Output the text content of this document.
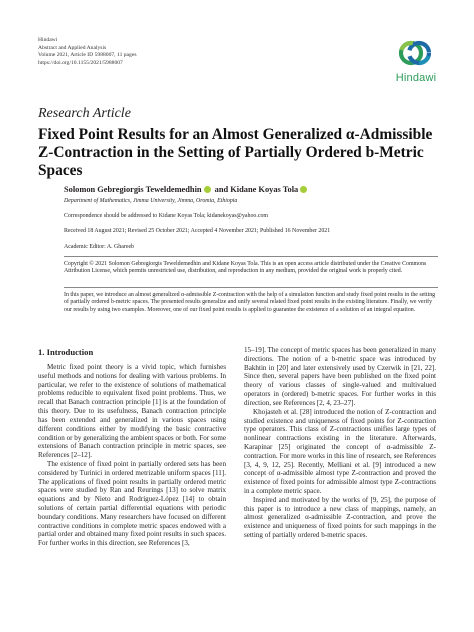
Hindawi
Abstract and Applied Analysis
Volume 2021, Article ID 5988007, 11 pages
https://doi.org/10.1155/2021/5988007
Hindawi
Research Article
Fixed Point Results for an Almost Generalized α-Admissible Z-Contraction in the Setting of Partially Ordered b-Metric Spaces
Solomon Gebregiorgis Teweldemedhin and Kidane Koyas Tola
Department of Mathematics, Jimma University, Jimma, Oromia, Ethiopia
Correspondence should be addressed to Kidane Koyas Tola; kidanekoyas@yahoo.com
Received 18 August 2021; Revised 25 October 2021; Accepted 4 November 2021; Published 16 November 2021
Academic Editor: A. Ghareeb
Copyright © 2021 Solomon Gebregiorgis Teweldemedhin and Kidane Koyas Tola. This is an open access article distributed under the Creative Commons Attribution License, which permits unrestricted use, distribution, and reproduction in any medium, provided the original work is properly cited.
In this paper, we introduce an almost generalized α-admissible Z-contraction with the help of a simulation function and study fixed point results in the setting of partially ordered b-metric spaces. The presented results generalize and unify several related fixed point results in the existing literature. Finally, we verify our results by using two examples. Moreover, one of our fixed point results is applied to guarantee the existence of a solution of an integral equation.
1. Introduction

Metric fixed point theory is a vivid topic, which furnishes useful methods and notions for dealing with various problems. In particular, we refer to the existence of solutions of mathematical problems reducible to equivalent fixed point problems. Thus, we recall that Banach contraction principle [1] is at the foundation of this theory. Due to its usefulness, Banach contraction principle has been extended and generalized in various spaces using different conditions either by modifying the basic contractive condition or by generalizing the ambient spaces or both. For some extensions of Banach contraction principle in metric spaces, see References [2–12].

The existence of fixed point in partially ordered sets has been considered by Turinici in ordered metrizable uniform spaces [11]. The applications of fixed point results in partially ordered metric spaces were studied by Ran and Reurings [13] to solve matrix equations and by Nieto and Rodríguez-López [14] to obtain solutions of certain partial differential equations with periodic boundary conditions. Many researchers have focused on different contractive conditions in complete metric spaces endowed with a partial order and obtained many fixed point results in such spaces. For further works in this direction, see References [3,

15–19]. The concept of metric spaces has been generalized in many directions. The notion of a b-metric space was introduced by Bakhtin in [20] and later extensively used by Czerwik in [21, 22]. Since then, several papers have been published on the fixed point theory of various classes of single-valued and multivalued operators in (ordered) b-metric spaces. For further works in this direction, see References [2, 4, 23–27].

Khojasteh et al. [28] introduced the notion of Z-contraction and studied existence and uniqueness of fixed points for Z-contraction type operators. This class of Z-contractions unifies large types of nonlinear contractions existing in the literature. Afterwards, Karapinar [25] originated the concept of α-admissible Z-contraction. For more works in this line of research, see References [3, 4, 9, 12, 25]. Recently, Melliani et al. [9] introduced a new concept of α-admissible almost type Z-contraction and proved the existence of fixed points for admissible almost type Z-contractions in a complete metric space.

Inspired and motivated by the works of [9, 25], the purpose of this paper is to introduce a new class of mappings, namely, an almost generalized α-admissible Z-contraction, and prove the existence and uniqueness of fixed points for such mappings in the setting of partially ordered b-metric spaces.
